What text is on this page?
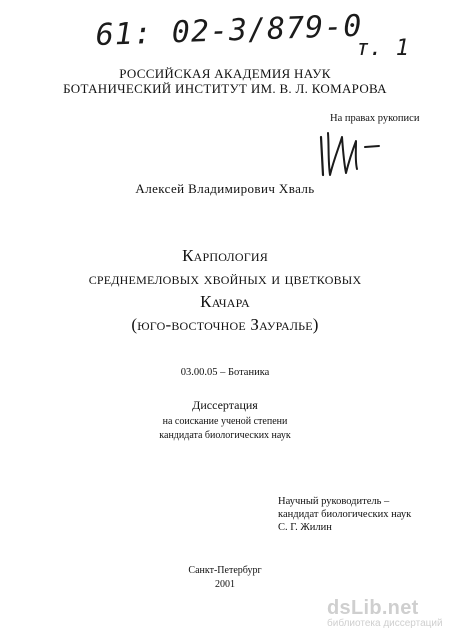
61: 02-3/879-0
т. 1
РОССИЙСКАЯ АКАДЕМИЯ НАУК
БОТАНИЧЕСКИЙ ИНСТИТУТ ИМ. В. Л. КОМАРОВА
На правах рукописи
Алексей Владимирович Хваль
Карпология
среднемеловых хвойных и цветковых
Качара
(юго-восточное Зауралье)
03.00.05 – Ботаника
Диссертация
на соискание ученой степени
кандидата биологических наук
Научный руководитель –
кандидат биологических наук
С. Г. Жилин
Санкт-Петербург
2001
dsLib.net
библиотека диссертаций
